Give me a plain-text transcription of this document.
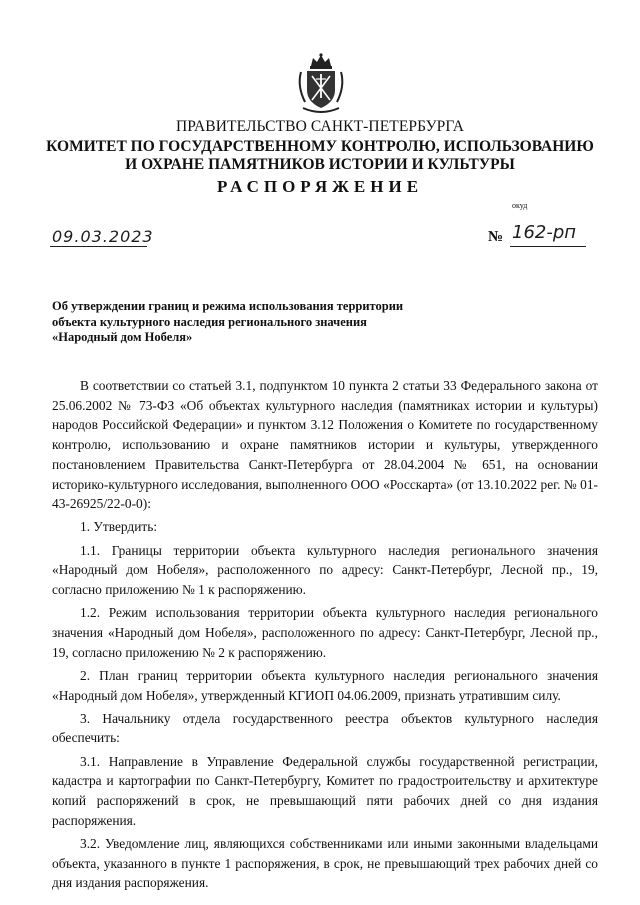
ПРАВИТЕЛЬСТВО САНКТ-ПЕТЕРБУРГА
КОМИТЕТ ПО ГОСУДАРСТВЕННОМУ КОНТРОЛЮ, ИСПОЛЬЗОВАНИЮ
И ОХРАНЕ ПАМЯТНИКОВ ИСТОРИИ И КУЛЬТУРЫ
РАСПОРЯЖЕНИЕ
окуд
09.03.2023	№ 162-рп
Об утверждении границ и режима использования территории
объекта культурного наследия регионального значения
«Народный дом Нобеля»

В соответствии со статьей 3.1, подпунктом 10 пункта 2 статьи 33 Федерального закона от 25.06.2002 № 73-ФЗ «Об объектах культурного наследия (памятниках истории и культуры) народов Российской Федерации» и пунктом 3.12 Положения о Комитете по государственному контролю, использованию и охране памятников истории и культуры, утвержденного постановлением Правительства Санкт-Петербурга от 28.04.2004 № 651, на основании историко-культурного исследования, выполненного ООО «Росскарта» (от 13.10.2022 рег. № 01-43-26925/22-0-0):

1. Утвердить:

1.1. Границы территории объекта культурного наследия регионального значения «Народный дом Нобеля», расположенного по адресу: Санкт-Петербург, Лесной пр., 19, согласно приложению № 1 к распоряжению.

1.2. Режим использования территории объекта культурного наследия регионального значения «Народный дом Нобеля», расположенного по адресу: Санкт-Петербург, Лесной пр., 19, согласно приложению № 2 к распоряжению.

2. План границ территории объекта культурного наследия регионального значения «Народный дом Нобеля», утвержденный КГИОП 04.06.2009, признать утратившим силу.

3. Начальнику отдела государственного реестра объектов культурного наследия обеспечить:

3.1. Направление в Управление Федеральной службы государственной регистрации, кадастра и картографии по Санкт-Петербургу, Комитет по градостроительству и архитектуре копий распоряжений в срок, не превышающий пяти рабочих дней со дня издания распоряжения.

3.2. Уведомление лиц, являющихся собственниками или иными законными владельцами объекта, указанного в пункте 1 распоряжения, в срок, не превышающий трех рабочих дней со дня издания распоряжения.
